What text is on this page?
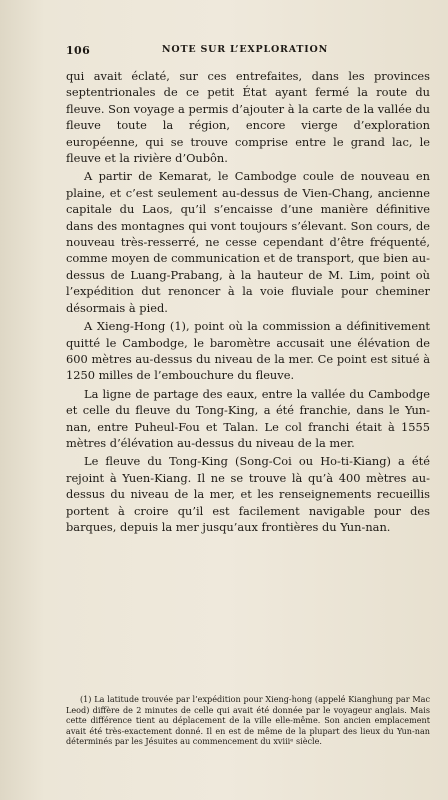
106	NOTE SUR L’EXPLORATION

qui avait éclaté, sur ces entrefaites, dans les provinces septentrionales de ce petit État ayant fermé la route du fleuve. Son voyage a permis d’ajouter à la carte de la vallée du fleuve toute la région, encore vierge d’exploration européenne, qui se trouve comprise entre le grand lac, le fleuve et la rivière d’Oubôn.

A partir de Kemarat, le Cambodge coule de nouveau en plaine, et c’est seulement au-dessus de Vien-Chang, ancienne capitale du Laos, qu’il s’encaisse d’une manière définitive dans des montagnes qui vont toujours s’élevant. Son cours, de nouveau très-resserré, ne cesse cependant d’être fréquenté, comme moyen de communication et de transport, que bien au-dessus de Luang-Prabang, à la hauteur de M. Lim, point où l’expédition dut renoncer à la voie fluviale pour cheminer désormais à pied.

A Xieng-Hong (1), point où la commission a définitivement quitté le Cambodge, le baromètre accusait une élévation de 600 mètres au-dessus du niveau de la mer. Ce point est situé à 1250 milles de l’embouchure du fleuve.

La ligne de partage des eaux, entre la vallée du Cambodge et celle du fleuve du Tong-King, a été franchie, dans le Yun-nan, entre Puheul-Fou et Talan. Le col franchi était à 1555 mètres d’élévation au-dessus du niveau de la mer.

Le fleuve du Tong-King (Song-Coi ou Ho-ti-Kiang) a été rejoint à Yuen-Kiang. Il ne se trouve là qu’à 400 mètres au-dessus du niveau de la mer, et les renseignements recueillis portent à croire qu’il est facilement navigable pour des barques, depuis la mer jusqu’aux frontières du Yun-nan.

(1) La latitude trouvée par l’expédition pour Xieng-hong (appelé Kianghung par Mac Leod) diffère de 2 minutes de celle qui avait été donnée par le voyageur anglais. Mais cette différence tient au déplacement de la ville elle-même. Son ancien emplacement avait été très-exactement donné. Il en est de même de la plupart des lieux du Yun-nan déterminés par les Jésuites au commencement du xviiiᵉ siècle.
